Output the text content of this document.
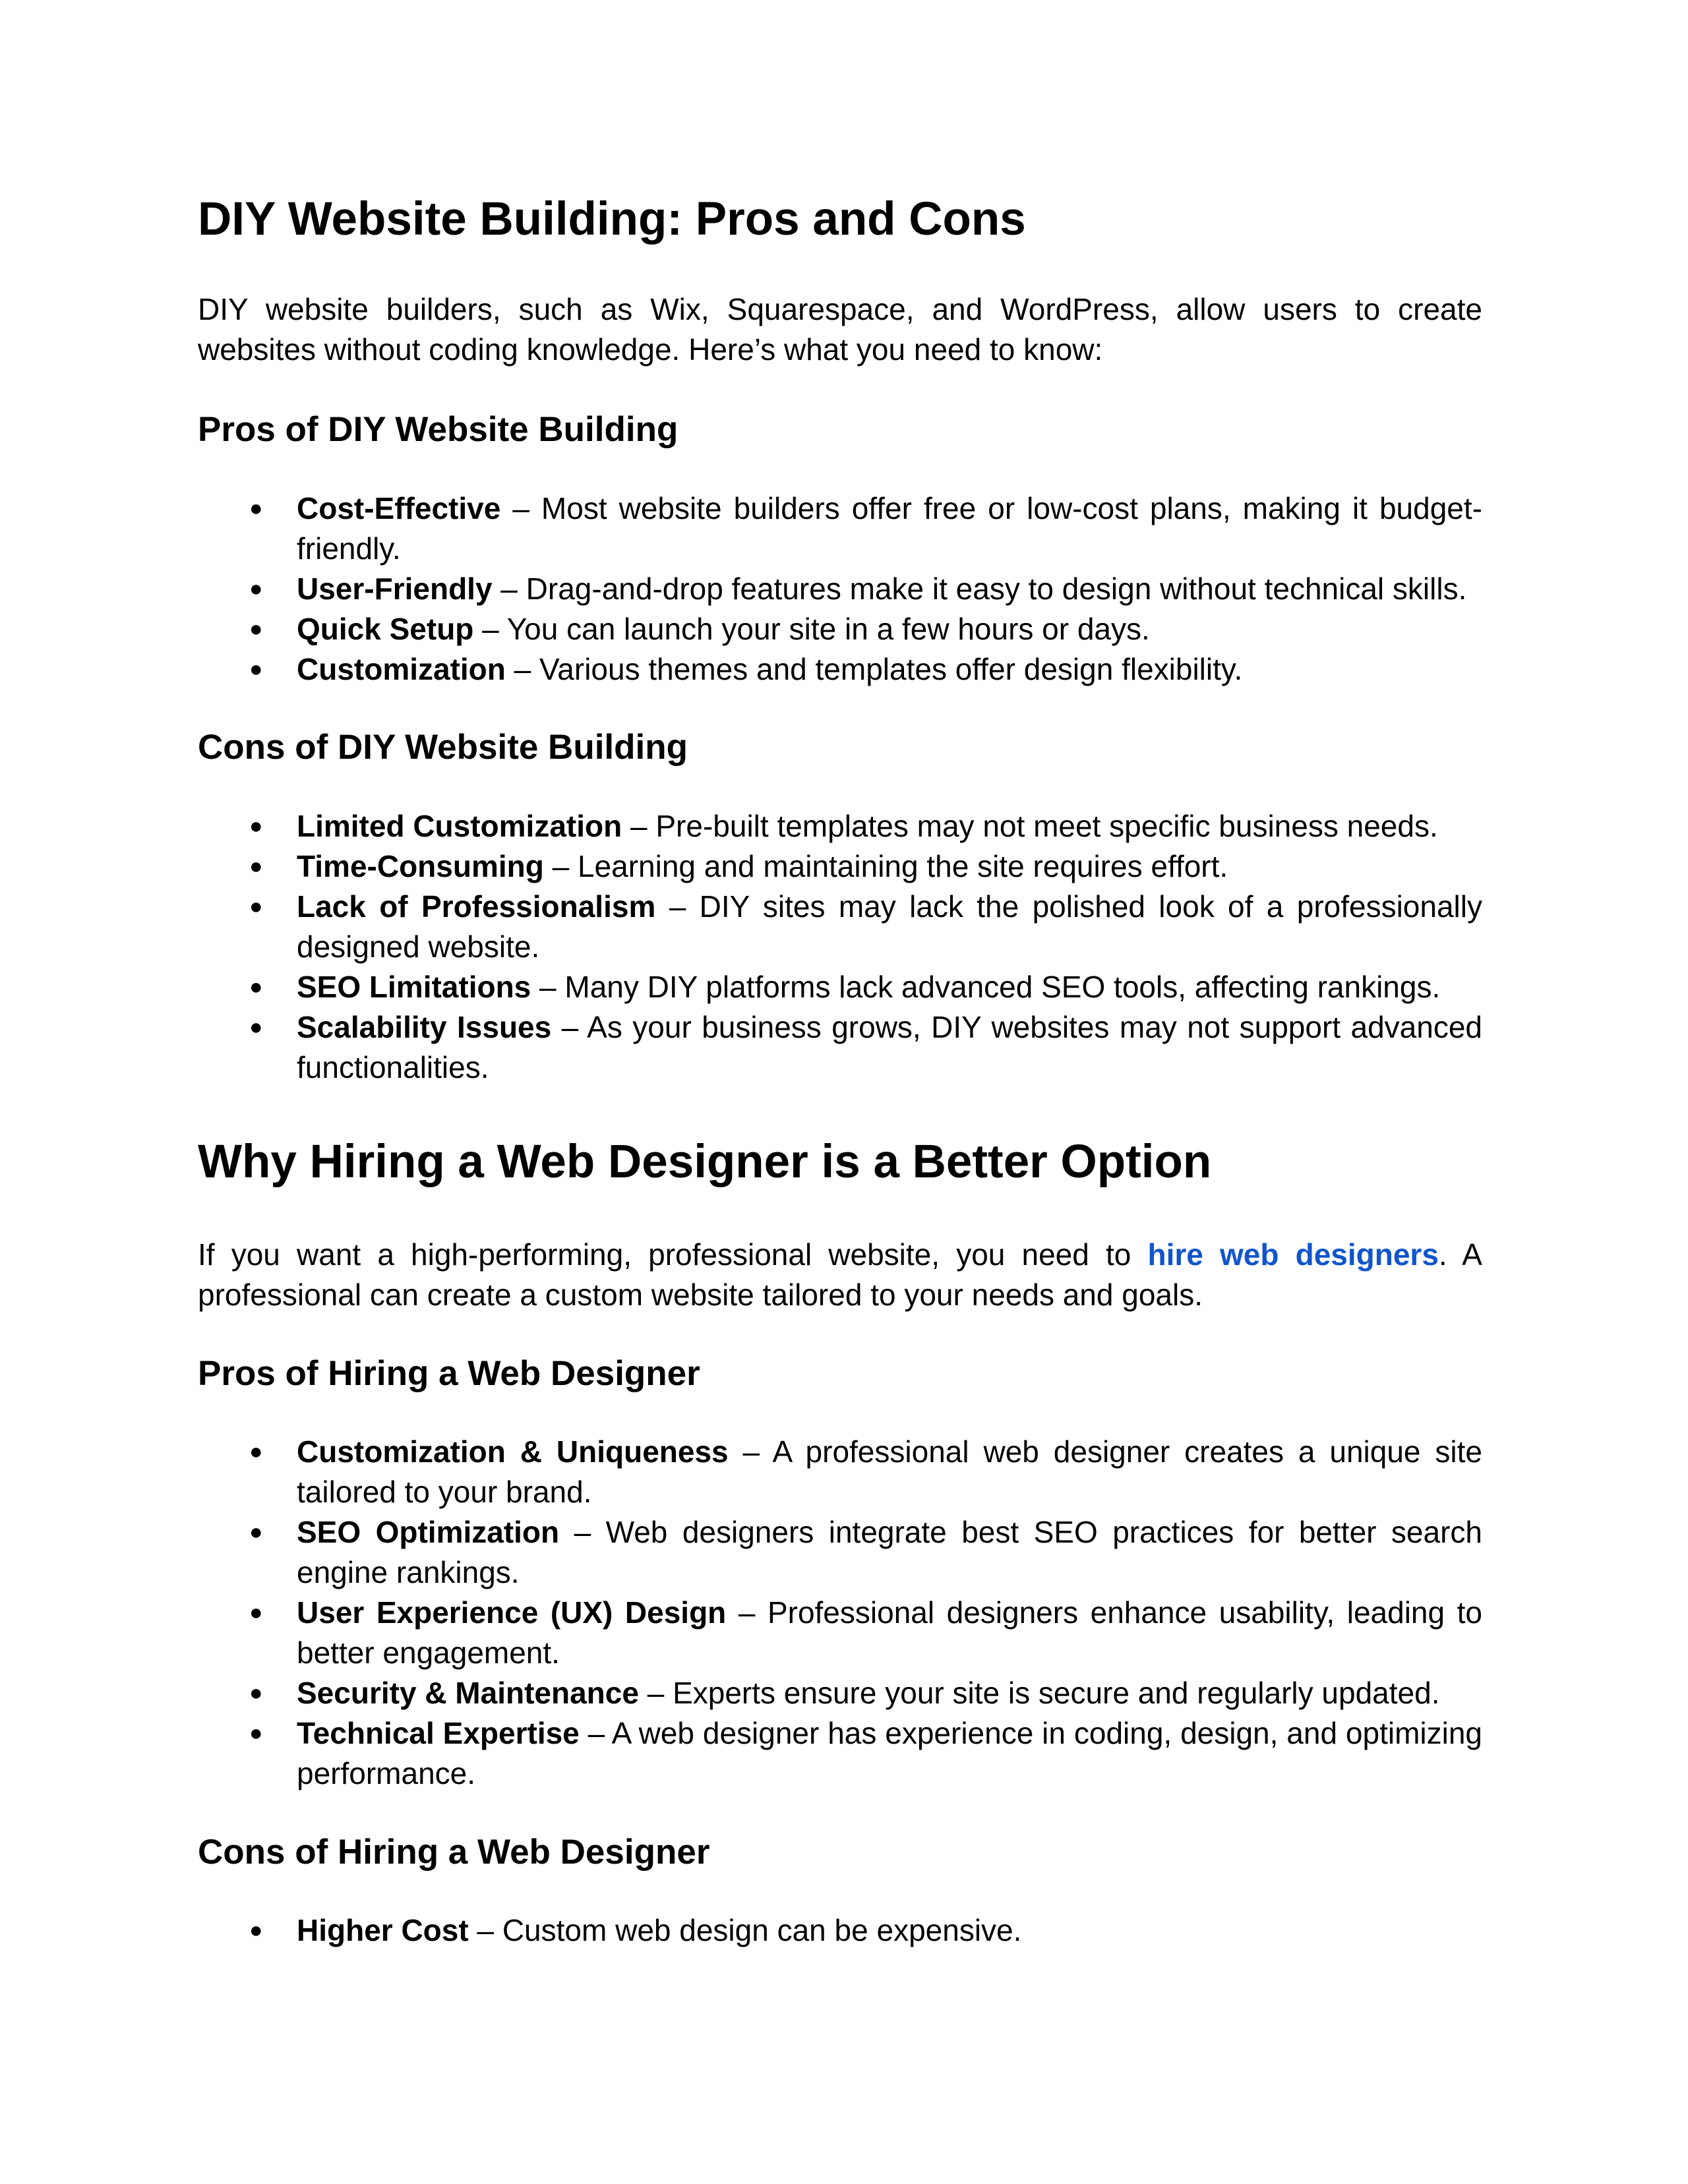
DIY Website Building: Pros and Cons

DIY website builders, such as Wix, Squarespace, and WordPress, allow users to create websites without coding knowledge. Here’s what you need to know:

Pros of DIY Website Building
● Cost-Effective – Most website builders offer free or low-cost plans, making it budget-friendly.
● User-Friendly – Drag-and-drop features make it easy to design without technical skills.
● Quick Setup – You can launch your site in a few hours or days.
● Customization – Various themes and templates offer design flexibility.
Cons of DIY Website Building
● Limited Customization – Pre-built templates may not meet specific business needs.
● Time-Consuming – Learning and maintaining the site requires effort.
● Lack of Professionalism – DIY sites may lack the polished look of a professionally designed website.
● SEO Limitations – Many DIY platforms lack advanced SEO tools, affecting rankings.
● Scalability Issues – As your business grows, DIY websites may not support advanced functionalities.
Why Hiring a Web Designer is a Better Option

If you want a high-performing, professional website, you need to hire web designers. A professional can create a custom website tailored to your needs and goals.

Pros of Hiring a Web Designer
● Customization & Uniqueness – A professional web designer creates a unique site tailored to your brand.
● SEO Optimization – Web designers integrate best SEO practices for better search engine rankings.
● User Experience (UX) Design – Professional designers enhance usability, leading to better engagement.
● Security & Maintenance – Experts ensure your site is secure and regularly updated.
● Technical Expertise – A web designer has experience in coding, design, and optimizing performance.
Cons of Hiring a Web Designer
● Higher Cost – Custom web design can be expensive.
